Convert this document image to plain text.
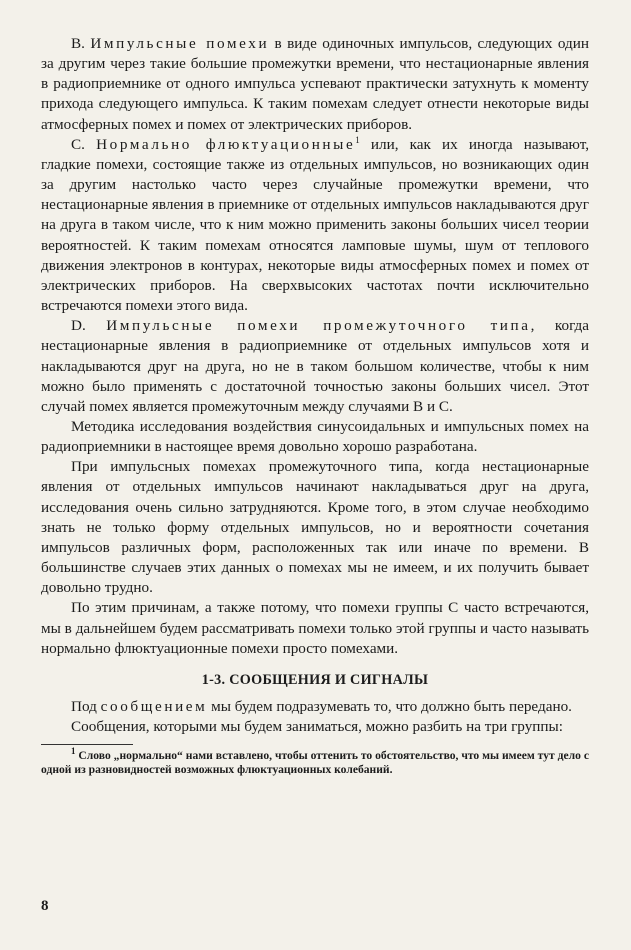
В. Импульсные помехи в виде одиночных импульсов, следующих один за другим через такие большие промежутки времени, что нестационарные явления в радиоприемнике от одного импульса успевают практически затухнуть к моменту прихода следующего импульса. К таким помехам следует отнести некоторые виды атмосферных помех и помех от электрических приборов.

С. Нормально флюктуационные$^1$ или, как их иногда называют, гладкие помехи, состоящие также из отдельных импульсов, но возникающих один за другим настолько часто через случайные промежутки времени, что нестационарные явления в приемнике от отдельных импульсов накладываются друг на друга в таком числе, что к ним можно применить законы больших чисел теории вероятностей. К таким помехам относятся ламповые шумы, шум от теплового движения электронов в контурах, некоторые виды атмосферных помех и помех от электрических приборов. На сверхвысоких частотах почти исключительно встречаются помехи этого вида.

D. Импульсные помехи промежуточного типа, когда нестационарные явления в радиоприемнике от отдельных импульсов хотя и накладываются друг на друга, но не в таком большом количестве, чтобы к ним можно было применять с достаточной точностью законы больших чисел. Этот случай помех является промежуточным между случаями В и С.

Методика исследования воздействия синусоидальных и импульсных помех на радиоприемники в настоящее время довольно хорошо разработана.

При импульсных помехах промежуточного типа, когда нестационарные явления от отдельных импульсов начинают накладываться друг на друга, исследования очень сильно затрудняются. Кроме того, в этом случае необходимо знать не только форму отдельных импульсов, но и вероятности сочетания импульсов различных форм, расположенных так или иначе по времени. В большинстве случаев этих данных о помехах мы не имеем, и их получить бывает довольно трудно.

По этим причинам, а также потому, что помехи группы С часто встречаются, мы в дальнейшем будем рассматривать помехи только этой группы и часто называть нормально флюктуационные помехи просто помехами.

1-3. СООБЩЕНИЯ И СИГНАЛЫ

Под сообщением мы будем подразумевать то, что должно быть передано.

Сообщения, которыми мы будем заниматься, можно разбить на три группы:

$^1$ Слово „нормально“ нами вставлено, чтобы оттенить то обстоятельство, что мы имеем тут дело с одной из разновидностей возможных флюктуационных колебаний.

8
